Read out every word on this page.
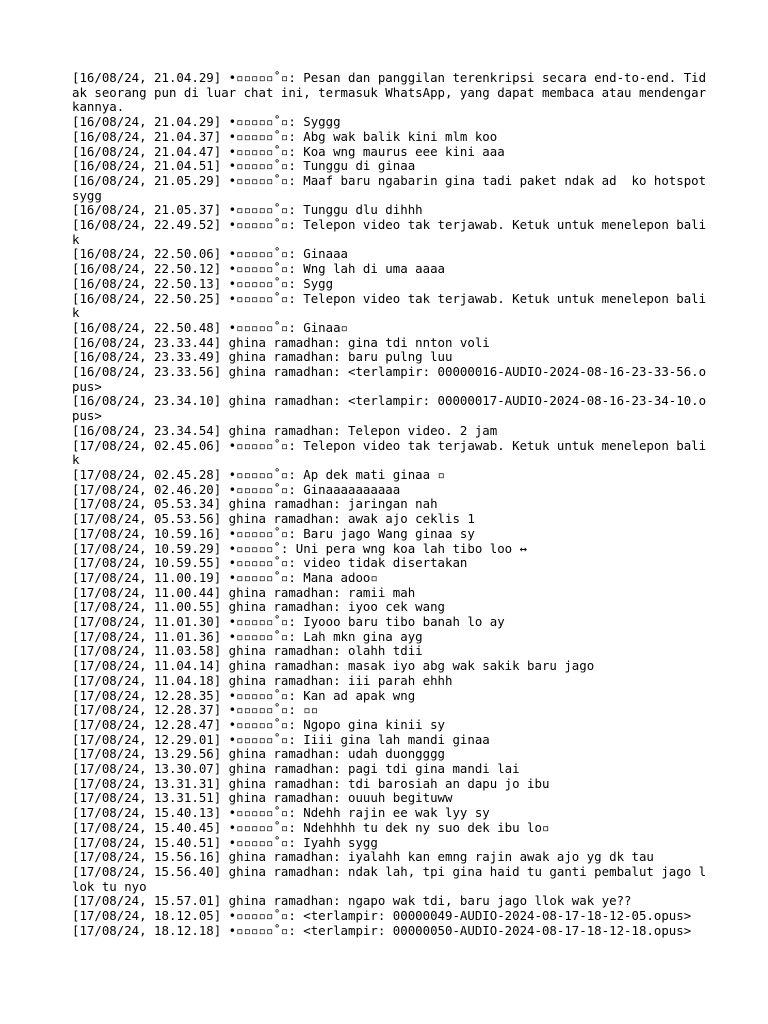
[16/08/24, 21.04.29] •▫▫▫▫▫˚▫: Pesan dan panggilan terenkripsi secara end-to-end. Tidak seorang pun di luar chat ini, termasuk WhatsApp, yang dapat membaca atau mendengarkannya.
[16/08/24, 21.04.29] •▫▫▫▫▫˚▫: Syggg
[16/08/24, 21.04.37] •▫▫▫▫▫˚▫: Abg wak balik kini mlm koo
[16/08/24, 21.04.47] •▫▫▫▫▫˚▫: Koa wng maurus eee kini aaa
[16/08/24, 21.04.51] •▫▫▫▫▫˚▫: Tunggu di ginaa
[16/08/24, 21.05.29] •▫▫▫▫▫˚▫: Maaf baru ngabarin gina tadi paket ndak ad  ko hotspot sygg
[16/08/24, 21.05.37] •▫▫▫▫▫˚▫: Tunggu dlu dihhh
[16/08/24, 22.49.52] •▫▫▫▫▫˚▫: Telepon video tak terjawab. Ketuk untuk menelepon balik
[16/08/24, 22.50.06] •▫▫▫▫▫˚▫: Ginaaa
[16/08/24, 22.50.12] •▫▫▫▫▫˚▫: Wng lah di uma aaaa
[16/08/24, 22.50.13] •▫▫▫▫▫˚▫: Sygg
[16/08/24, 22.50.25] •▫▫▫▫▫˚▫: Telepon video tak terjawab. Ketuk untuk menelepon balik
[16/08/24, 22.50.48] •▫▫▫▫▫˚▫: Ginaa▫
[16/08/24, 23.33.44] ghina ramadhan: gina tdi nnton voli
[16/08/24, 23.33.49] ghina ramadhan: baru pulng luu
[16/08/24, 23.33.56] ghina ramadhan: <terlampir: 00000016-AUDIO-2024-08-16-23-33-56.opus>
[16/08/24, 23.34.10] ghina ramadhan: <terlampir: 00000017-AUDIO-2024-08-16-23-34-10.opus>
[16/08/24, 23.34.54] ghina ramadhan: Telepon video. 2 jam
[17/08/24, 02.45.06] •▫▫▫▫▫˚▫: Telepon video tak terjawab. Ketuk untuk menelepon balik
[17/08/24, 02.45.28] •▫▫▫▫▫˚▫: Ap dek mati ginaa ▫
[17/08/24, 02.46.20] •▫▫▫▫▫˚▫: Ginaaaaaaaaaa
[17/08/24, 05.53.34] ghina ramadhan: jaringan nah
[17/08/24, 05.53.56] ghina ramadhan: awak ajo ceklis 1
[17/08/24, 10.59.16] •▫▫▫▫▫˚▫: Baru jago Wang ginaa sy
[17/08/24, 10.59.29] •▫▫▫▫▫˚: Uni pera wng koa lah tibo loo ↔
[17/08/24, 10.59.55] •▫▫▫▫▫˚▫: video tidak disertakan
[17/08/24, 11.00.19] •▫▫▫▫▫˚▫: Mana adoo▫
[17/08/24, 11.00.44] ghina ramadhan: ramii mah
[17/08/24, 11.00.55] ghina ramadhan: iyoo cek wang
[17/08/24, 11.01.30] •▫▫▫▫▫˚▫: Iyooo baru tibo banah lo ay
[17/08/24, 11.01.36] •▫▫▫▫▫˚▫: Lah mkn gina ayg
[17/08/24, 11.03.58] ghina ramadhan: olahh tdii
[17/08/24, 11.04.14] ghina ramadhan: masak iyo abg wak sakik baru jago
[17/08/24, 11.04.18] ghina ramadhan: iii parah ehhh
[17/08/24, 12.28.35] •▫▫▫▫▫˚▫: Kan ad apak wng
[17/08/24, 12.28.37] •▫▫▫▫▫˚▫: ▫▫
[17/08/24, 12.28.47] •▫▫▫▫▫˚▫: Ngopo gina kinii sy
[17/08/24, 12.29.01] •▫▫▫▫▫˚▫: Iiii gina lah mandi ginaa
[17/08/24, 13.29.56] ghina ramadhan: udah duongggg
[17/08/24, 13.30.07] ghina ramadhan: pagi tdi gina mandi lai
[17/08/24, 13.31.31] ghina ramadhan: tdi barosiah an dapu jo ibu
[17/08/24, 13.31.51] ghina ramadhan: ouuuh begituww
[17/08/24, 15.40.13] •▫▫▫▫▫˚▫: Ndehh rajin ee wak lyy sy
[17/08/24, 15.40.45] •▫▫▫▫▫˚▫: Ndehhhh tu dek ny suo dek ibu lo▫
[17/08/24, 15.40.51] •▫▫▫▫▫˚▫: Iyahh sygg
[17/08/24, 15.56.16] ghina ramadhan: iyalahh kan emng rajin awak ajo yg dk tau
[17/08/24, 15.56.40] ghina ramadhan: ndak lah, tpi gina haid tu ganti pembalut jago llok tu nyo
[17/08/24, 15.57.01] ghina ramadhan: ngapo wak tdi, baru jago llok wak ye??
[17/08/24, 18.12.05] •▫▫▫▫▫˚▫: <terlampir: 00000049-AUDIO-2024-08-17-18-12-05.opus>
[17/08/24, 18.12.18] •▫▫▫▫▫˚▫: <terlampir: 00000050-AUDIO-2024-08-17-18-12-18.opus>
